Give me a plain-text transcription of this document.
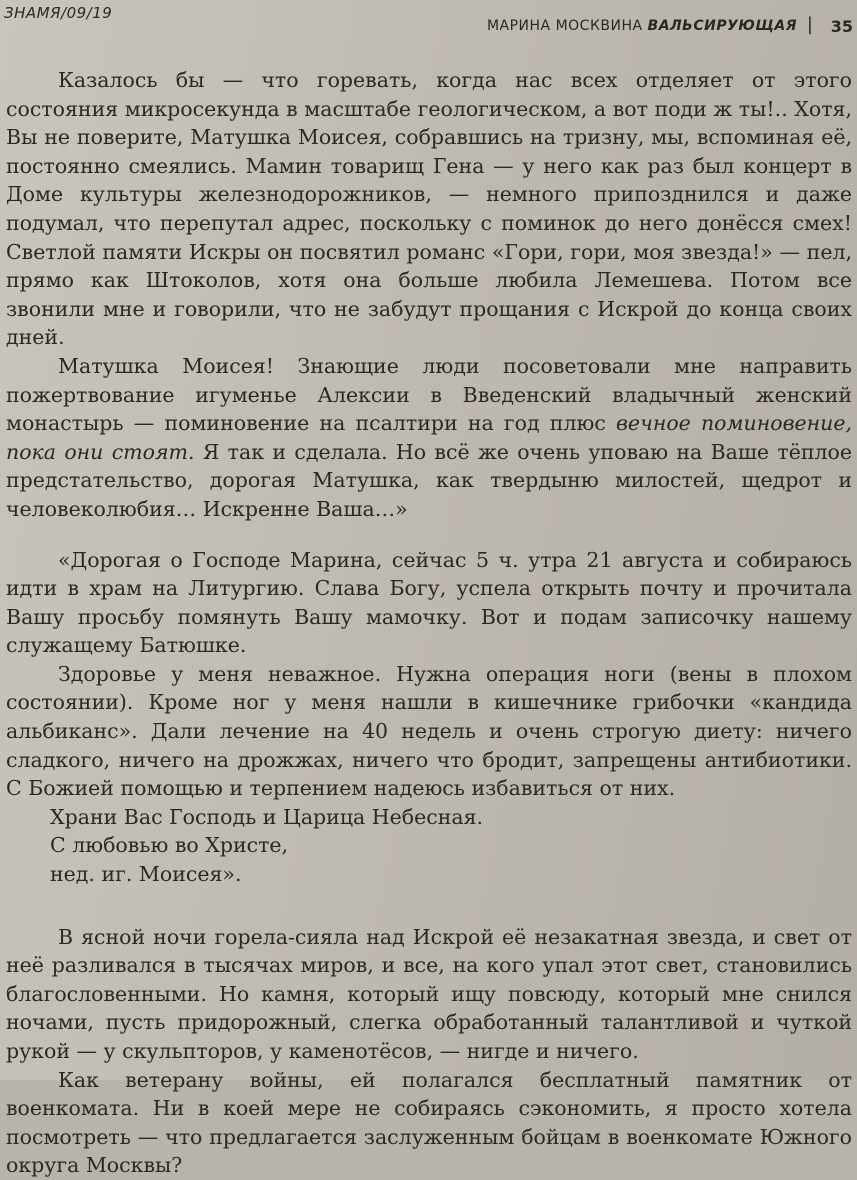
ЗНАМЯ/09/19
МАРИНА МОСКВИНА ВАЛЬСИРУЮЩАЯ | 35

Казалось бы — что горевать, когда нас всех отделяет от этого состояния микросекунда в масштабе геологическом, а вот поди ж ты!.. Хотя, Вы не поверите, Матушка Моисея, собравшись на тризну, мы, вспоминая её, постоянно смеялись. Мамин товарищ Гена — у него как раз был концерт в Доме культуры железнодорожников, — немного припозднился и даже подумал, что перепутал адрес, поскольку с поминок до него донёсся смех! Светлой памяти Искры он посвятил романс «Гори, гори, моя звезда!» — пел, прямо как Штоколов, хотя она больше любила Лемешева. Потом все звонили мне и говорили, что не забудут прощания с Искрой до конца своих дней.

Матушка Моисея! Знающие люди посоветовали мне направить пожертвование игуменье Алексии в Введенский владычный женский монастырь — поминовение на псалтири на год плюс вечное поминовение, пока они стоят. Я так и сделала. Но всё же очень уповаю на Ваше тёплое предстательство, дорогая Матушка, как твердыню милостей, щедрот и человеколюбия… Искренне Ваша…»

«Дорогая о Господе Марина, сейчас 5 ч. утра 21 августа и собираюсь идти в храм на Литургию. Слава Богу, успела открыть почту и прочитала Вашу просьбу помянуть Вашу мамочку. Вот и подам записочку нашему служащему Батюшке.

Здоровье у меня неважное. Нужна операция ноги (вены в плохом состоянии). Кроме ног у меня нашли в кишечнике грибочки «кандида альбиканс». Дали лечение на 40 недель и очень строгую диету: ничего сладкого, ничего на дрожжах, ничего что бродит, запрещены антибиотики. С Божией помощью и терпением надеюсь избавиться от них.

Храни Вас Господь и Царица Небесная.

С любовью во Христе,

нед. иг. Моисея».

В ясной ночи горела-сияла над Искрой её незакатная звезда, и свет от неё разливался в тысячах миров, и все, на кого упал этот свет, становились благословенными. Но камня, который ищу повсюду, который мне снился ночами, пусть придорожный, слегка обработанный талантливой и чуткой рукой — у скульпторов, у каменотёсов, — нигде и ничего.

Как ветерану войны, ей полагался бесплатный памятник от военкомата. Ни в коей мере не собираясь сэкономить, я просто хотела посмотреть — что предлагается заслуженным бойцам в военкомате Южного округа Москвы?
